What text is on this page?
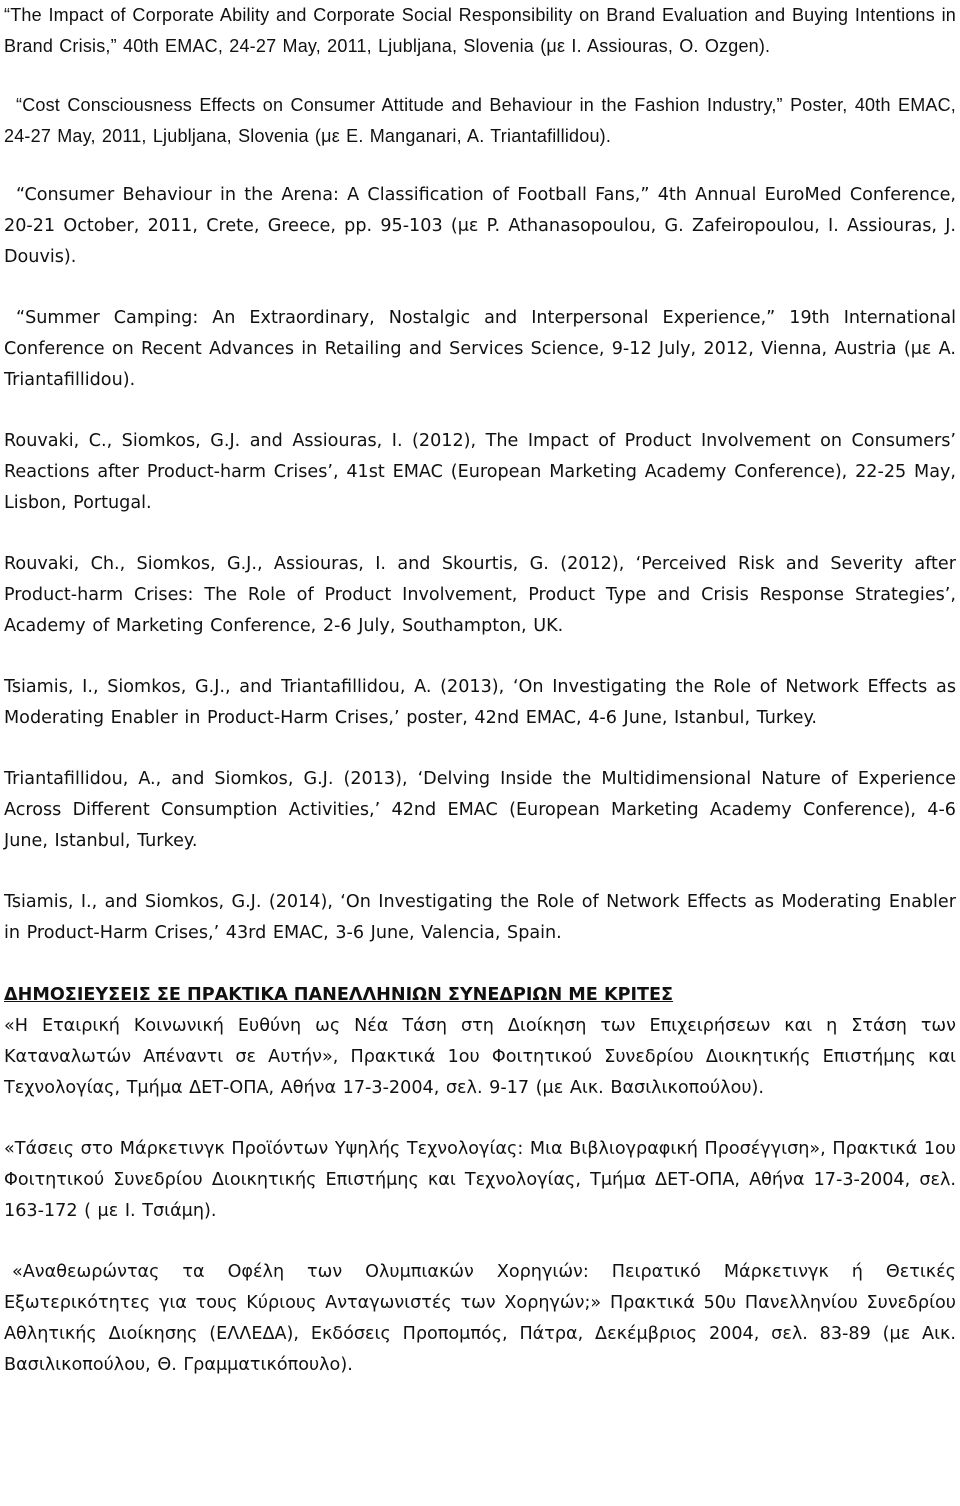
“The Impact of Corporate Ability and Corporate Social Responsibility on Brand Evaluation and Buying Intentions in Brand Crisis,” 40th EMAC, 24-27 May, 2011, Ljubljana, Slovenia (με I. Assiouras, O. Ozgen).

“Cost Consciousness Effects on Consumer Attitude and Behaviour in the Fashion Industry,” Poster, 40th EMAC, 24-27 May, 2011, Ljubljana, Slovenia (με E. Manganari, A. Triantafillidou).

“Consumer Behaviour in the Arena: A Classification of Football Fans,” 4th Annual EuroMed Conference, 20-21 October, 2011, Crete, Greece, pp. 95-103 (με P. Athanasopoulou, G. Zafeiropoulou, I. Assiouras, J. Douvis).

“Summer Camping: An Extraordinary, Nostalgic and Interpersonal Experience,” 19th International Conference on Recent Advances in Retailing and Services Science, 9-12 July, 2012, Vienna, Austria (με A. Triantafillidou).

Rouvaki, C., Siomkos, G.J. and Assiouras, I. (2012), The Impact of Product Involvement on Consumers’ Reactions after Product-harm Crises’, 41st EMAC (European Marketing Academy Conference), 22-25 May, Lisbon, Portugal.

Rouvaki, Ch., Siomkos, G.J., Assiouras, I. and Skourtis, G. (2012), ‘Perceived Risk and Severity after Product-harm Crises: The Role of Product Involvement, Product Type and Crisis Response Strategies’, Academy of Marketing Conference, 2-6 July, Southampton, UK.

Tsiamis, I., Siomkos, G.J., and Triantafillidou, A. (2013), ‘On Investigating the Role of Network Effects as Moderating Enabler in Product-Harm Crises,’ poster, 42nd EMAC, 4-6 June, Istanbul, Turkey.

Triantafillidou, A., and Siomkos, G.J. (2013), ‘Delving Inside the Multidimensional Nature of Experience Across Different Consumption Activities,’ 42nd EMAC (European Marketing Academy Conference), 4-6 June, Istanbul, Turkey.

Tsiamis, I., and Siomkos, G.J. (2014), ‘On Investigating the Role of Network Effects as Moderating Enabler in Product-Harm Crises,’ 43rd EMAC, 3-6 June, Valencia, Spain.

ΔΗΜΟΣΙΕΥΣΕΙΣ ΣΕ ΠΡΑΚΤΙΚΑ ΠΑΝΕΛΛΗΝΙΩΝ ΣΥΝΕΔΡΙΩΝ ΜΕ ΚΡΙΤΕΣ

«Η Εταιρική Κοινωνική Ευθύνη ως Νέα Τάση στη Διοίκηση των Επιχειρήσεων και η Στάση των Καταναλωτών Απέναντι σε Αυτήν», Πρακτικά 1ου Φοιτητικού Συνεδρίου Διοικητικής Επιστήμης και Τεχνολογίας, Τμήμα ΔΕΤ-ΟΠΑ, Αθήνα 17-3-2004, σελ. 9-17 (με Αικ. Βασιλικοπούλου).

«Τάσεις στο Μάρκετινγκ Προϊόντων Υψηλής Τεχνολογίας: Μια Βιβλιογραφική Προσέγγιση», Πρακτικά 1ου Φοιτητικού Συνεδρίου Διοικητικής Επιστήμης και Τεχνολογίας, Τμήμα ΔΕΤ-ΟΠΑ, Αθήνα 17-3-2004, σελ. 163-172 ( με Ι. Τσιάμη).

«Αναθεωρώντας τα Οφέλη των Ολυμπιακών Χορηγιών: Πειρατικό Μάρκετινγκ ή Θετικές Εξωτερικότητες για τους Κύριους Ανταγωνιστές των Χορηγών;» Πρακτικά 50υ Πανελληνίου Συνεδρίου Αθλητικής Διοίκησης (ΕΛΛΕΔΑ), Εκδόσεις Προπομπός, Πάτρα, Δεκέμβριος 2004, σελ. 83-89 (με Αικ. Βασιλικοπούλου, Θ. Γραμματικόπουλο).
